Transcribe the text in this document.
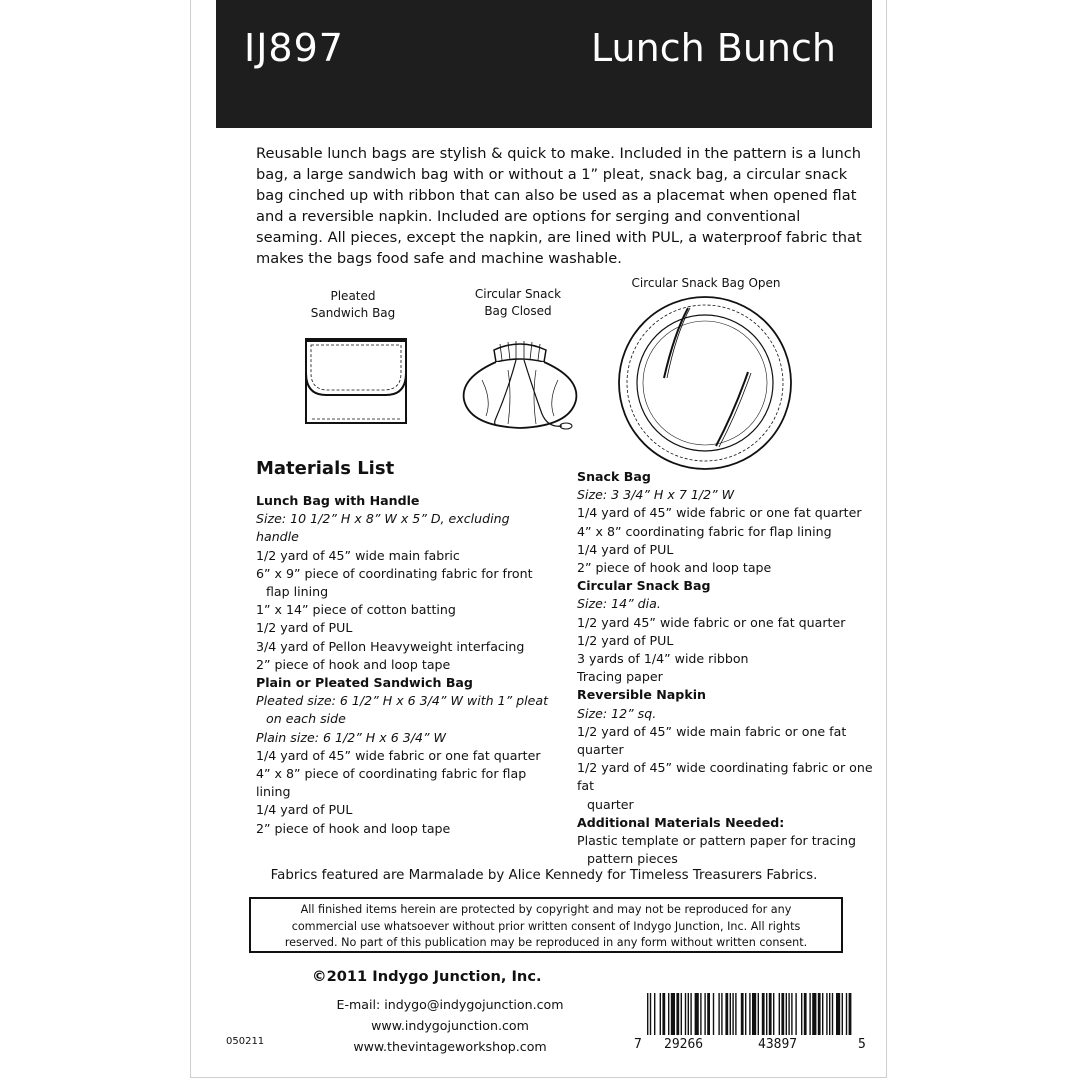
IJ897	Lunch Bunch

Reusable lunch bags are stylish & quick to make. Included in the pattern is a lunch bag, a large sandwich bag with or without a 1” pleat, snack bag, a circular snack bag cinched up with ribbon that can also be used as a placemat when opened flat and a reversible napkin. Included are options for serging and conventional seaming. All pieces, except the napkin, are lined with PUL, a waterproof fabric that makes the bags food safe and machine washable.

Pleated
Sandwich Bag
Circular Snack
Bag Closed
Circular Snack Bag Open
Materials List
Lunch Bag with Handle
Size: 10 1/2” H x 8” W x 5” D, excluding handle
1/2 yard of 45” wide main fabric
6” x 9” piece of coordinating fabric for front
flap lining
1” x 14” piece of cotton batting
1/2 yard of PUL
3/4 yard of Pellon Heavyweight interfacing
2” piece of hook and loop tape
Plain or Pleated Sandwich Bag
Pleated size: 6 1/2” H x 6 3/4” W with 1” pleat
on each side
Plain size: 6 1/2” H x 6 3/4” W
1/4 yard of 45” wide fabric or one fat quarter
4” x 8” piece of coordinating fabric for flap lining
1/4 yard of PUL
2” piece of hook and loop tape
Snack Bag
Size: 3 3/4” H x 7 1/2” W
1/4 yard of 45” wide fabric or one fat quarter
4” x 8” coordinating fabric for flap lining
1/4 yard of PUL
2” piece of hook and loop tape
Circular Snack Bag
Size: 14” dia.
1/2 yard 45” wide fabric or one fat quarter
1/2 yard of PUL
3 yards of 1/4” wide ribbon
Tracing paper
Reversible Napkin
Size: 12” sq.
1/2 yard of 45” wide main fabric or one fat quarter
1/2 yard of 45” wide coordinating fabric or one fat
quarter
Additional Materials Needed:
Plastic template or pattern paper for tracing
pattern pieces
Fabrics featured are Marmalade by Alice Kennedy for Timeless Treasurers Fabrics.
All finished items herein are protected by copyright and may not be reproduced for any
commercial use whatsoever without prior written consent of Indygo Junction, Inc. All rights
reserved. No part of this publication may be reproduced in any form without written consent.
©2011 Indygo Junction, Inc.
E-mail: indygo@indygojunction.com
www.indygojunction.com
www.thevintageworkshop.com
050211	7 29266	43897	5
